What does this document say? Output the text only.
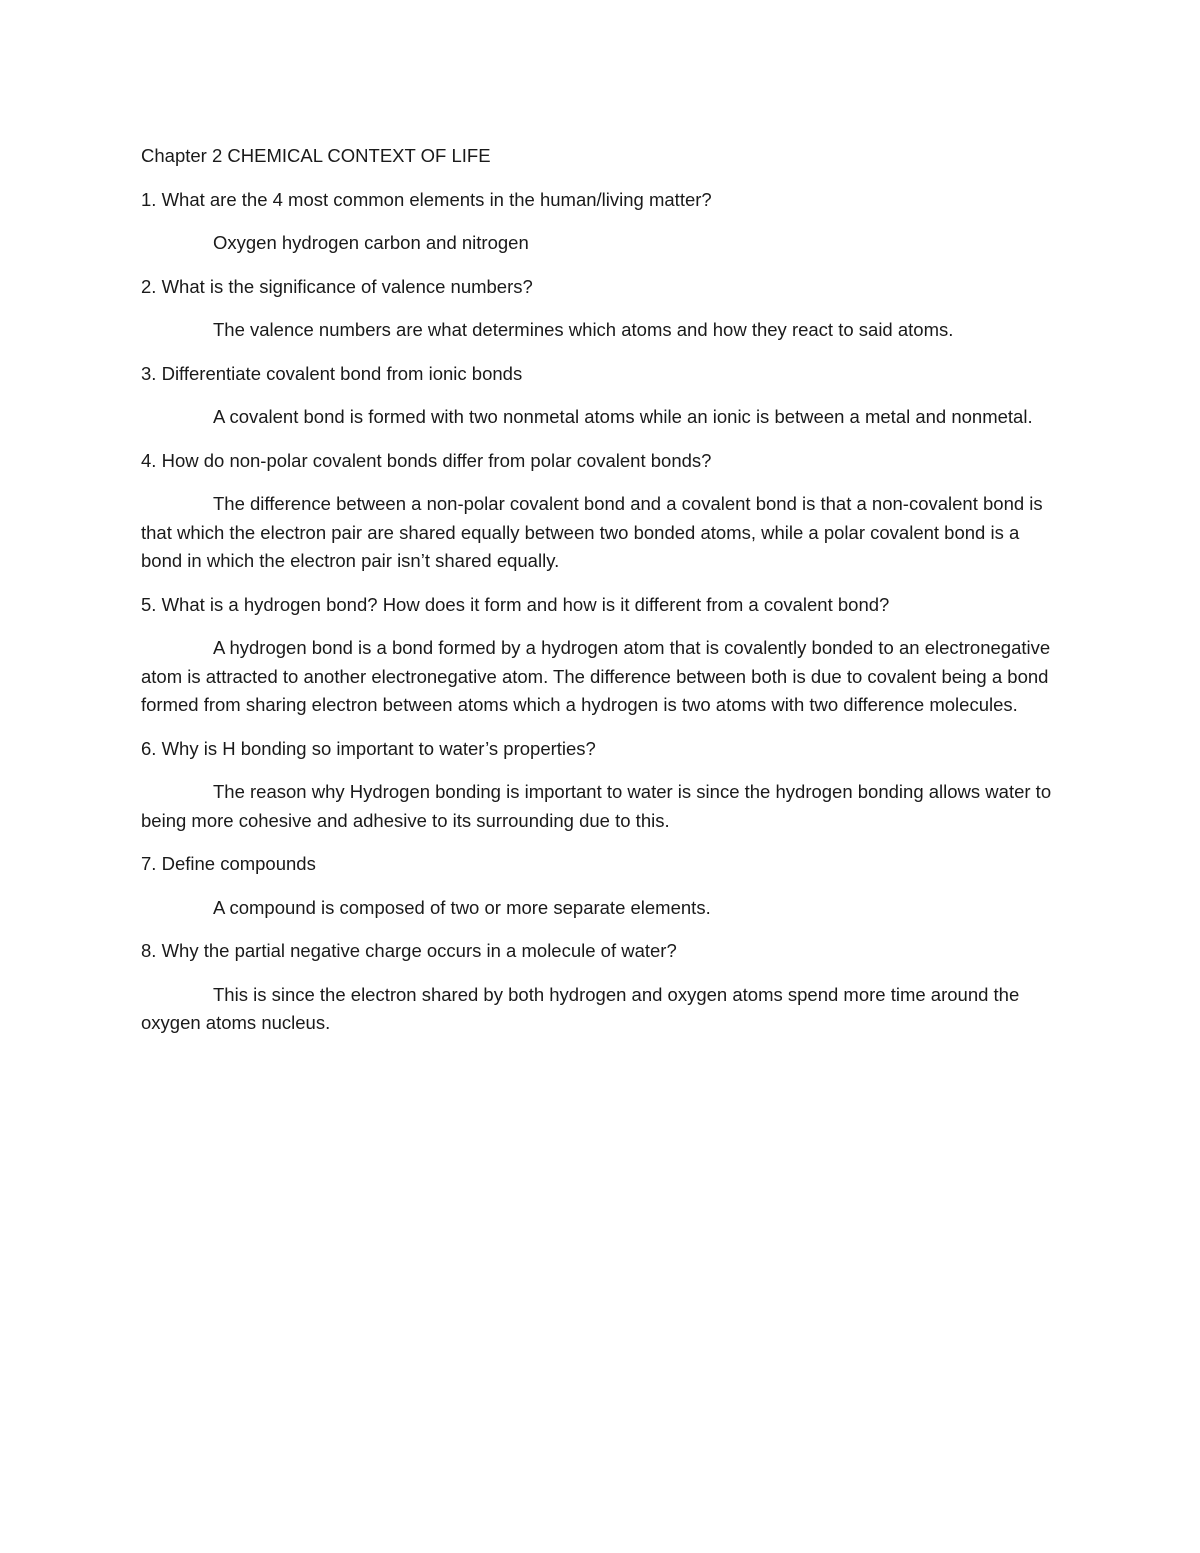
Chapter 2 CHEMICAL CONTEXT OF LIFE

1. What are the 4 most common elements in the human/living matter?

Oxygen hydrogen carbon and nitrogen

2. What is the significance of valence numbers?

The valence numbers are what determines which atoms and how they react to said atoms.

3. Differentiate covalent bond from ionic bonds

A covalent bond is formed with two nonmetal atoms while an ionic is between a metal and nonmetal.

4. How do non-polar covalent bonds differ from polar covalent bonds?

The difference between a non-polar covalent bond and a covalent bond is that a non-covalent bond is that which the electron pair are shared equally between two bonded atoms, while a polar covalent bond is a bond in which the electron pair isn’t shared equally.

5. What is a hydrogen bond? How does it form and how is it different from a covalent bond?

A hydrogen bond is a bond formed by a hydrogen atom that is covalently bonded to an electronegative atom is attracted to another electronegative atom. The difference between both is due to covalent being a bond formed from sharing electron between atoms which a hydrogen is two atoms with two difference molecules.

6. Why is H bonding so important to water’s properties?

The reason why Hydrogen bonding is important to water is since the hydrogen bonding allows water to being more cohesive and adhesive to its surrounding due to this.

7. Define compounds

A compound is composed of two or more separate elements.

8. Why the partial negative charge occurs in a molecule of water?

This is since the electron shared by both hydrogen and oxygen atoms spend more time around the oxygen atoms nucleus.
